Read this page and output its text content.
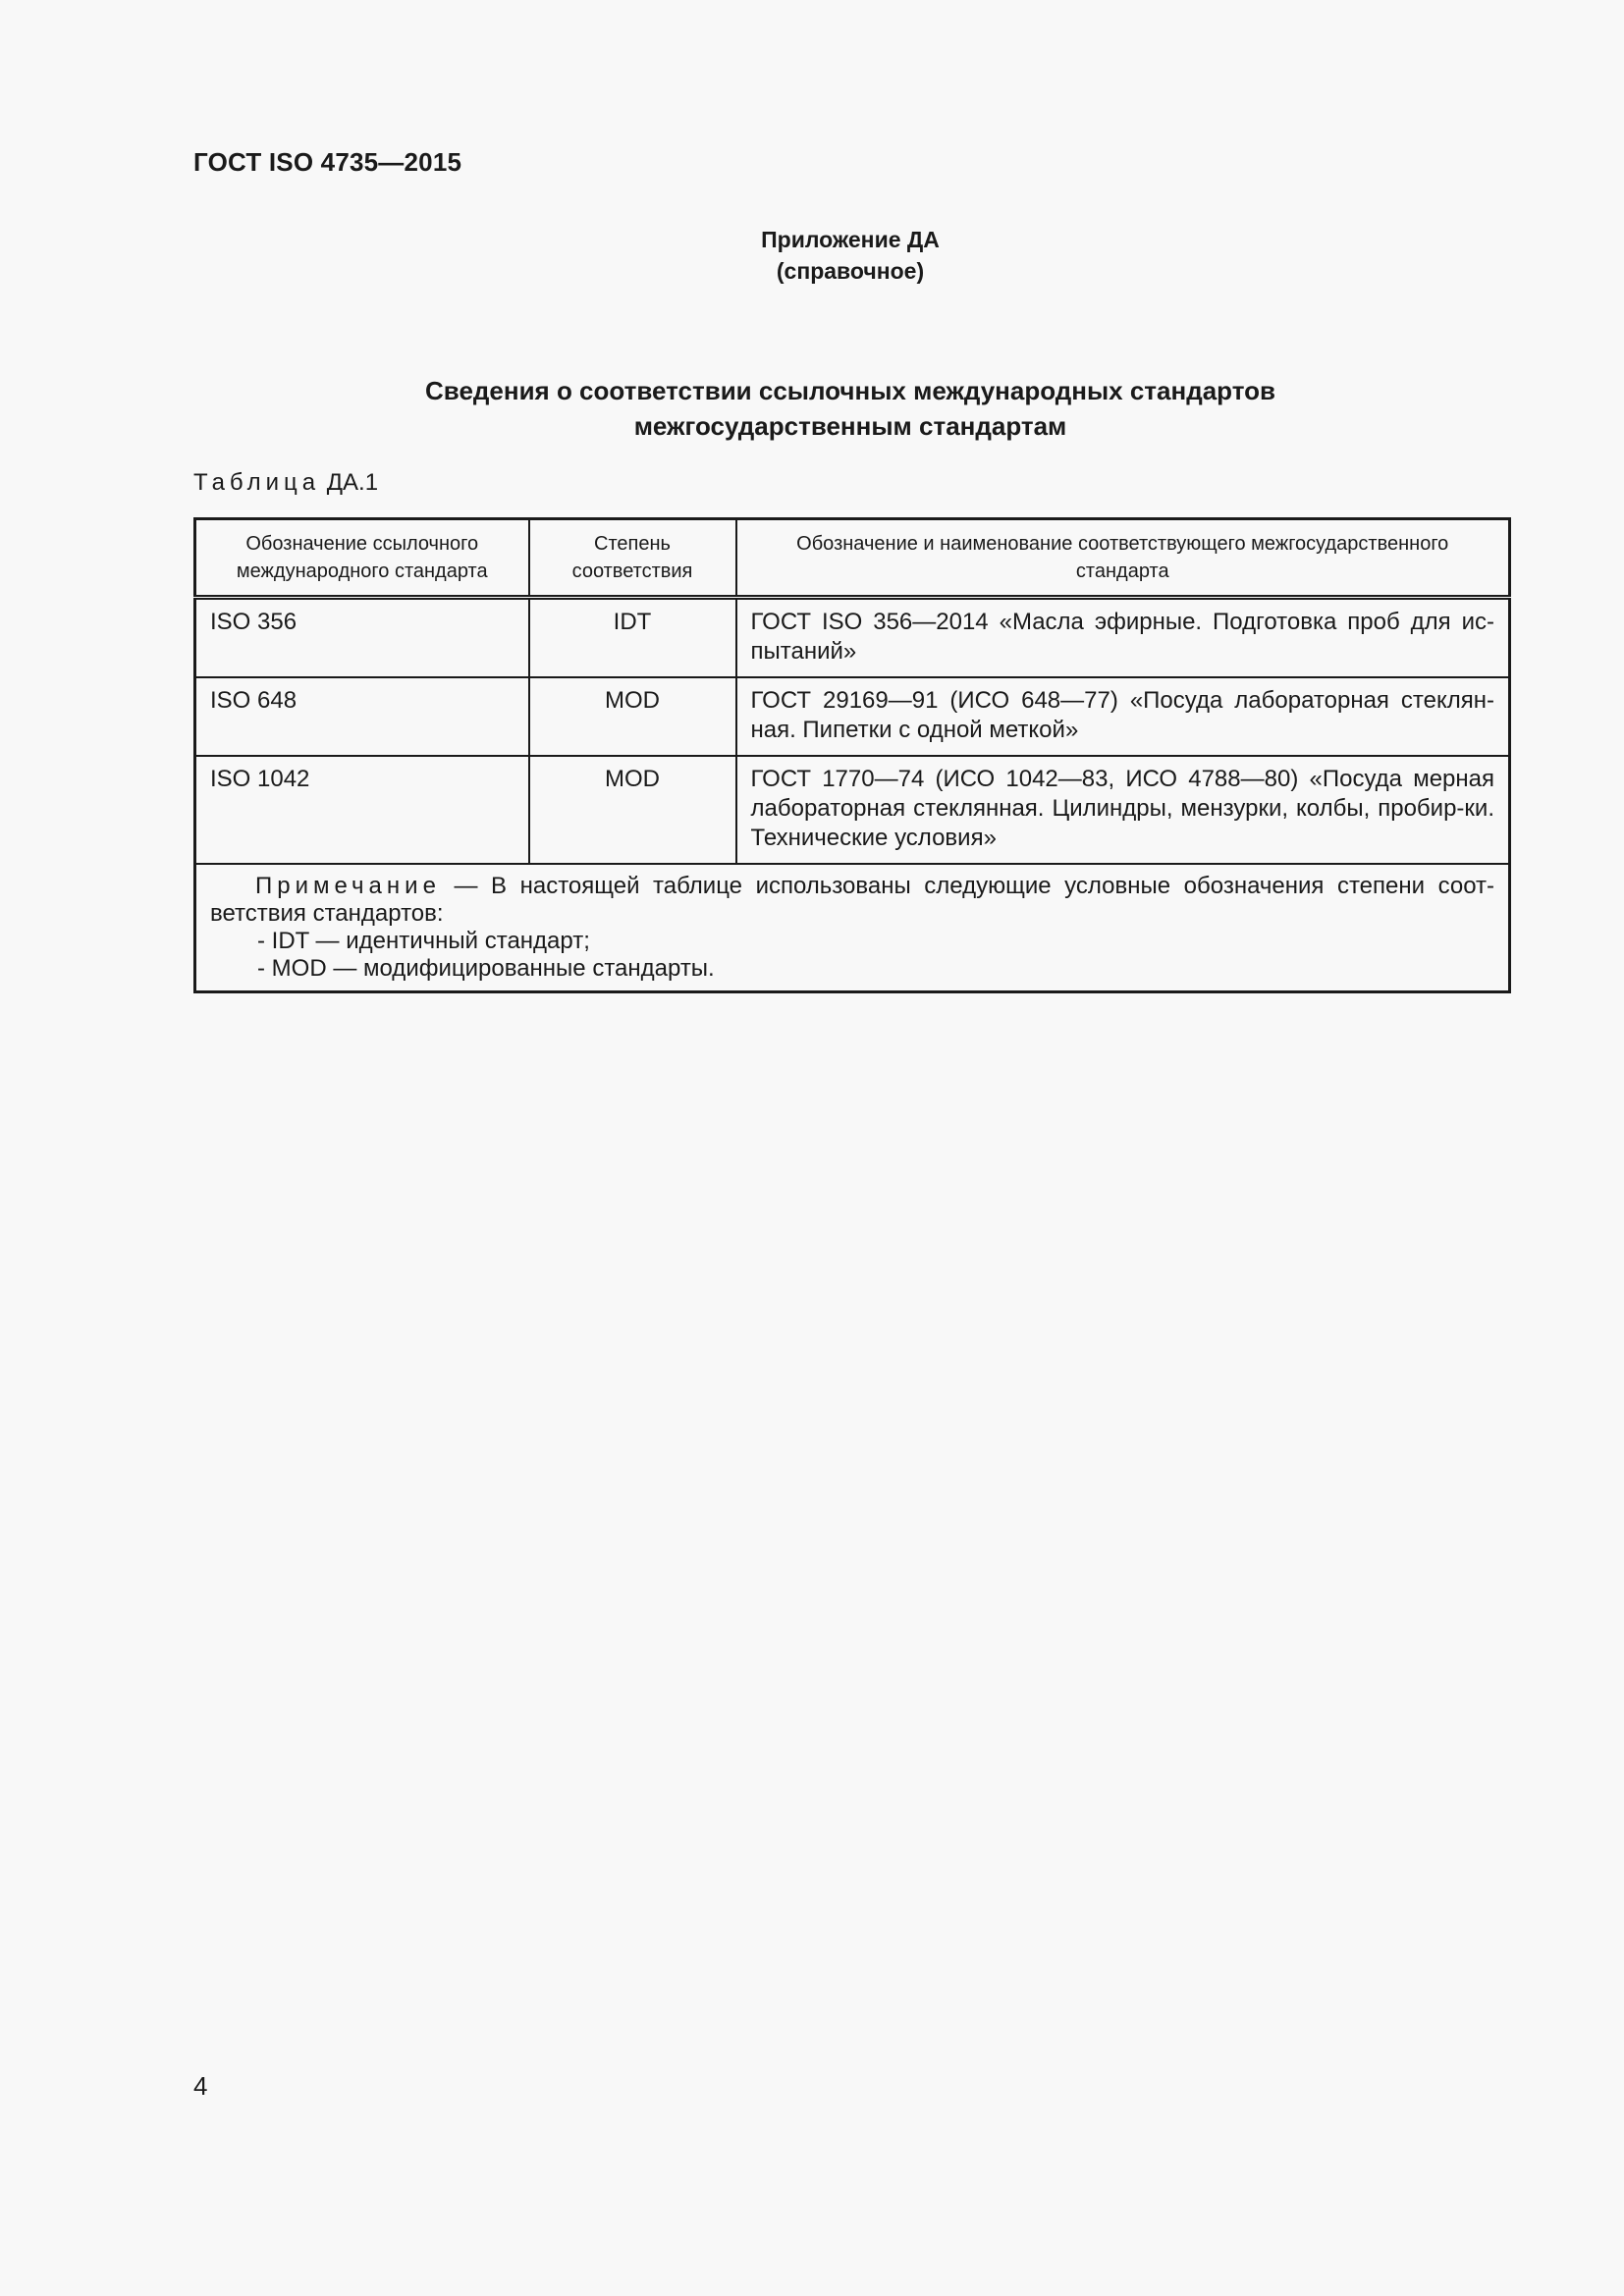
ГОСТ ISO 4735—2015
Приложение ДА
(справочное)
Сведения о соответствии ссылочных международных стандартов
межгосударственным стандартам
Таблица ДА.1
Обозначение ссылочного международного стандарта	Степень соответствия	Обозначение и наименование соответствующего межгосударственного стандарта
ISO 356	IDT	ГОСТ ISO 356—2014 «Масла эфирные. Подготовка проб для ис-пытаний»
ISO 648	MOD	ГОСТ 29169—91 (ИСО 648—77) «Посуда лабораторная стеклян-ная. Пипетки с одной меткой»
ISO 1042	MOD	ГОСТ 1770—74 (ИСО 1042—83, ИСО 4788—80) «Посуда мерная лабораторная стеклянная. Цилиндры, мензурки, колбы, пробир-ки. Технические условия»

Примечание — В настоящей таблице использованы следующие условные обозначения степени соот-ветствия стандартов:
- IDT — идентичный стандарт;
- MOD — модифицированные стандарты.		
4
